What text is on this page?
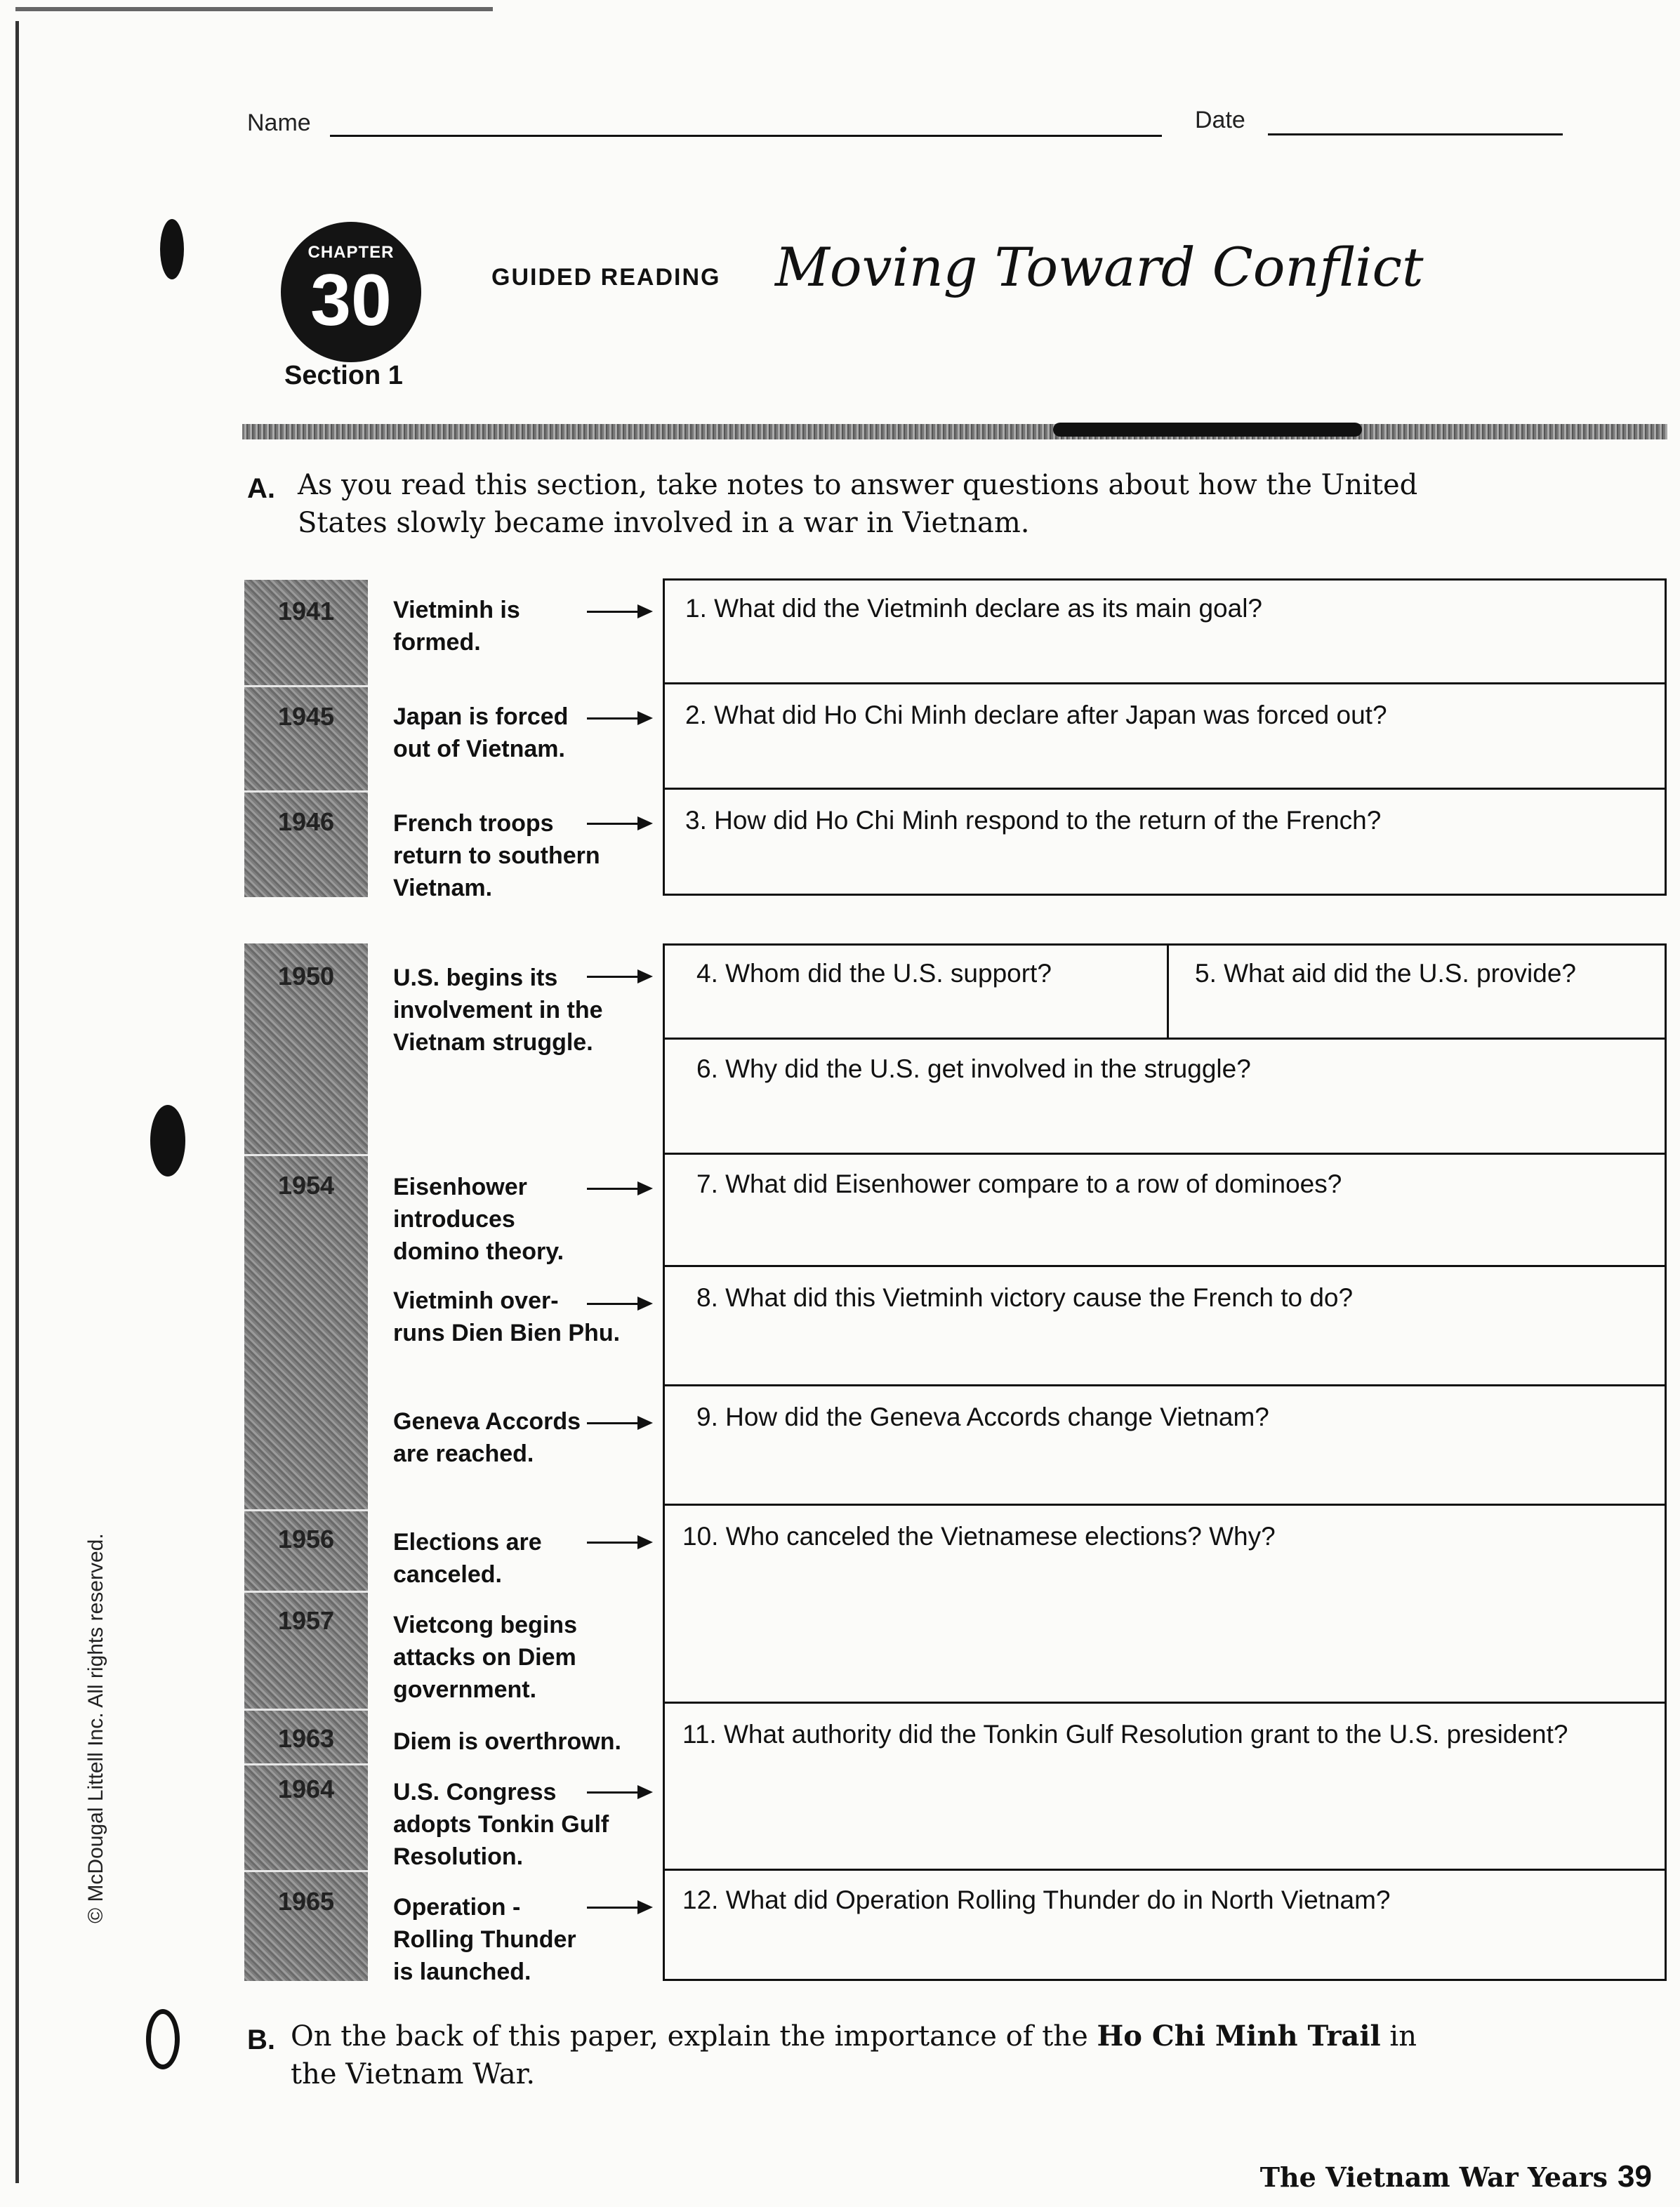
Name	Date
CHAPTER
30
Section 1
GUIDED READING Moving Toward Conflict
A. As you read this section, take notes to answer questions about how the United
States slowly became involved in a war in Vietnam.
1941
1945
1946
1950
1954
1956
1957
1963
1964
1965
Vietminh is
formed.
Japan is forced
out of Vietnam.
French troops
return to southern
Vietnam.
U.S. begins its
involvement in the
Vietnam struggle.
Eisenhower
introduces
domino theory.
Vietminh over-
runs Dien Bien Phu.
Geneva Accords
are reached.
Elections are
canceled.
Vietcong begins
attacks on Diem
government.
Diem is overthrown.
U.S. Congress
adopts Tonkin Gulf
Resolution.
Operation -
Rolling Thunder
is launched.
1. What did the Vietminh declare as its main goal?
2. What did Ho Chi Minh declare after Japan was forced out?
3. How did Ho Chi Minh respond to the return of the French?
4. Whom did the U.S. support?	5. What aid did the U.S. provide?
6. Why did the U.S. get involved in the struggle?
7. What did Eisenhower compare to a row of dominoes?
8. What did this Vietminh victory cause the French to do?
9. How did the Geneva Accords change Vietnam?
10. Who canceled the Vietnamese elections? Why?
11. What authority did the Tonkin Gulf Resolution grant to the U.S. president?
12. What did Operation Rolling Thunder do in North Vietnam?
B. On the back of this paper, explain the importance of the Ho Chi Minh Trail in
the Vietnam War.
© McDougal Littell Inc. All rights reserved.
The Vietnam War Years 39
